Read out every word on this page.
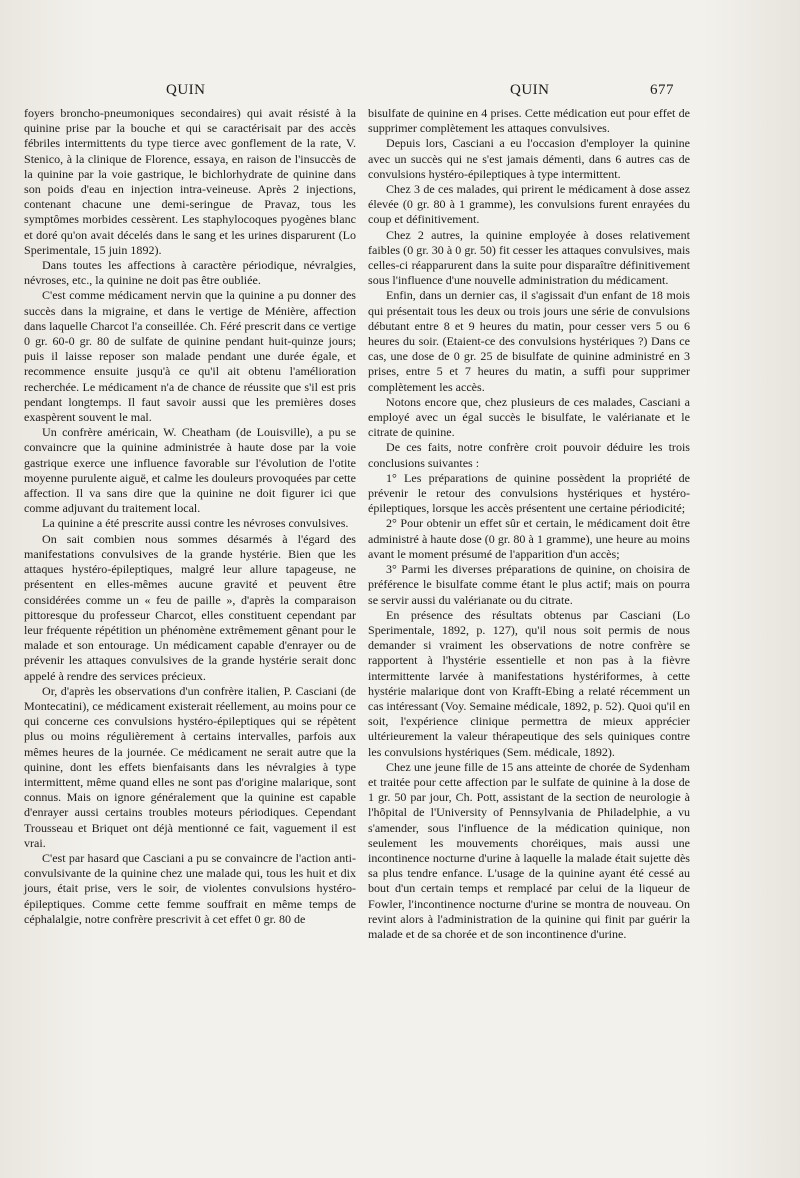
QUIN	QUIN	677

foyers broncho-pneumoniques secondaires) qui avait résisté à la quinine prise par la bouche et qui se caractérisait par des accès fébriles intermittents du type tierce avec gonflement de la rate, V. Stenico, à la clinique de Florence, essaya, en raison de l'insuccès de la quinine par la voie gastrique, le bichlorhydrate de quinine dans son poids d'eau en injection intra-veineuse. Après 2 injections, contenant chacune une demi-seringue de Pravaz, tous les symptômes morbides cessèrent. Les staphylocoques pyogènes blanc et doré qu'on avait décelés dans le sang et les urines disparurent (Lo Sperimentale, 15 juin 1892).

Dans toutes les affections à caractère périodique, névralgies, névroses, etc., la quinine ne doit pas être oubliée.

C'est comme médicament nervin que la quinine a pu donner des succès dans la migraine, et dans le vertige de Ménière, affection dans laquelle Charcot l'a conseillée. Ch. Féré prescrit dans ce vertige 0 gr. 60-0 gr. 80 de sulfate de quinine pendant huit-quinze jours; puis il laisse reposer son malade pendant une durée égale, et recommence ensuite jusqu'à ce qu'il ait obtenu l'amélioration recherchée. Le médicament n'a de chance de réussite que s'il est pris pendant longtemps. Il faut savoir aussi que les premières doses exaspèrent souvent le mal.

Un confrère américain, W. Cheatham (de Louisville), a pu se convaincre que la quinine administrée à haute dose par la voie gastrique exerce une influence favorable sur l'évolution de l'otite moyenne purulente aiguë, et calme les douleurs provoquées par cette affection. Il va sans dire que la quinine ne doit figurer ici que comme adjuvant du traitement local.

La quinine a été prescrite aussi contre les névroses convulsives.

On sait combien nous sommes désarmés à l'égard des manifestations convulsives de la grande hystérie. Bien que les attaques hystéro-épileptiques, malgré leur allure tapageuse, ne présentent en elles-mêmes aucune gravité et peuvent être considérées comme un « feu de paille », d'après la comparaison pittoresque du professeur Charcot, elles constituent cependant par leur fréquente répétition un phénomène extrêmement gênant pour le malade et son entourage. Un médicament capable d'enrayer ou de prévenir les attaques convulsives de la grande hystérie serait donc appelé à rendre des services précieux.

Or, d'après les observations d'un confrère italien, P. Casciani (de Montecatini), ce médicament existerait réellement, au moins pour ce qui concerne ces convulsions hystéro-épileptiques qui se répètent plus ou moins régulièrement à certains intervalles, parfois aux mêmes heures de la journée. Ce médicament ne serait autre que la quinine, dont les effets bienfaisants dans les névralgies à type intermittent, même quand elles ne sont pas d'origine malarique, sont connus. Mais on ignore généralement que la quinine est capable d'enrayer aussi certains troubles moteurs périodiques. Cependant Trousseau et Briquet ont déjà mentionné ce fait, vaguement il est vrai.

C'est par hasard que Casciani a pu se convaincre de l'action anti-convulsivante de la quinine chez une malade qui, tous les huit et dix jours, était prise, vers le soir, de violentes convulsions hystéro-épileptiques. Comme cette femme souffrait en même temps de céphalalgie, notre confrère prescrivit à cet effet 0 gr. 80 de

bisulfate de quinine en 4 prises. Cette médication eut pour effet de supprimer complètement les attaques convulsives.

Depuis lors, Casciani a eu l'occasion d'employer la quinine avec un succès qui ne s'est jamais démenti, dans 6 autres cas de convulsions hystéro-épileptiques à type intermittent.

Chez 3 de ces malades, qui prirent le médicament à dose assez élevée (0 gr. 80 à 1 gramme), les convulsions furent enrayées du coup et définitivement.

Chez 2 autres, la quinine employée à doses relativement faibles (0 gr. 30 à 0 gr. 50) fit cesser les attaques convulsives, mais celles-ci réapparurent dans la suite pour disparaître définitivement sous l'influence d'une nouvelle administration du médicament.

Enfin, dans un dernier cas, il s'agissait d'un enfant de 18 mois qui présentait tous les deux ou trois jours une série de convulsions débutant entre 8 et 9 heures du matin, pour cesser vers 5 ou 6 heures du soir. (Etaient-ce des convulsions hystériques ?) Dans ce cas, une dose de 0 gr. 25 de bisulfate de quinine administré en 3 prises, entre 5 et 7 heures du matin, a suffi pour supprimer complètement les accès.

Notons encore que, chez plusieurs de ces malades, Casciani a employé avec un égal succès le bisulfate, le valérianate et le citrate de quinine.

De ces faits, notre confrère croit pouvoir déduire les trois conclusions suivantes :

1° Les préparations de quinine possèdent la propriété de prévenir le retour des convulsions hystériques et hystéro-épileptiques, lorsque les accès présentent une certaine périodicité;

2° Pour obtenir un effet sûr et certain, le médicament doit être administré à haute dose (0 gr. 80 à 1 gramme), une heure au moins avant le moment présumé de l'apparition d'un accès;

3° Parmi les diverses préparations de quinine, on choisira de préférence le bisulfate comme étant le plus actif; mais on pourra se servir aussi du valérianate ou du citrate.

En présence des résultats obtenus par Casciani (Lo Sperimentale, 1892, p. 127), qu'il nous soit permis de nous demander si vraiment les observations de notre confrère se rapportent à l'hystérie essentielle et non pas à la fièvre intermittente larvée à manifestations hystériformes, à cette hystérie malarique dont von Krafft-Ebing a relaté récemment un cas intéressant (Voy. Semaine médicale, 1892, p. 52). Quoi qu'il en soit, l'expérience clinique permettra de mieux apprécier ultérieurement la valeur thérapeutique des sels quiniques contre les convulsions hystériques (Sem. médicale, 1892).

Chez une jeune fille de 15 ans atteinte de chorée de Sydenham et traitée pour cette affection par le sulfate de quinine à la dose de 1 gr. 50 par jour, Ch. Pott, assistant de la section de neurologie à l'hôpital de l'University of Pennsylvania de Philadelphie, a vu s'amender, sous l'influence de la médication quinique, non seulement les mouvements choréiques, mais aussi une incontinence nocturne d'urine à laquelle la malade était sujette dès sa plus tendre enfance. L'usage de la quinine ayant été cessé au bout d'un certain temps et remplacé par celui de la liqueur de Fowler, l'incontinence nocturne d'urine se montra de nouveau. On revint alors à l'administration de la quinine qui finit par guérir la malade et de sa chorée et de son incontinence d'urine.
